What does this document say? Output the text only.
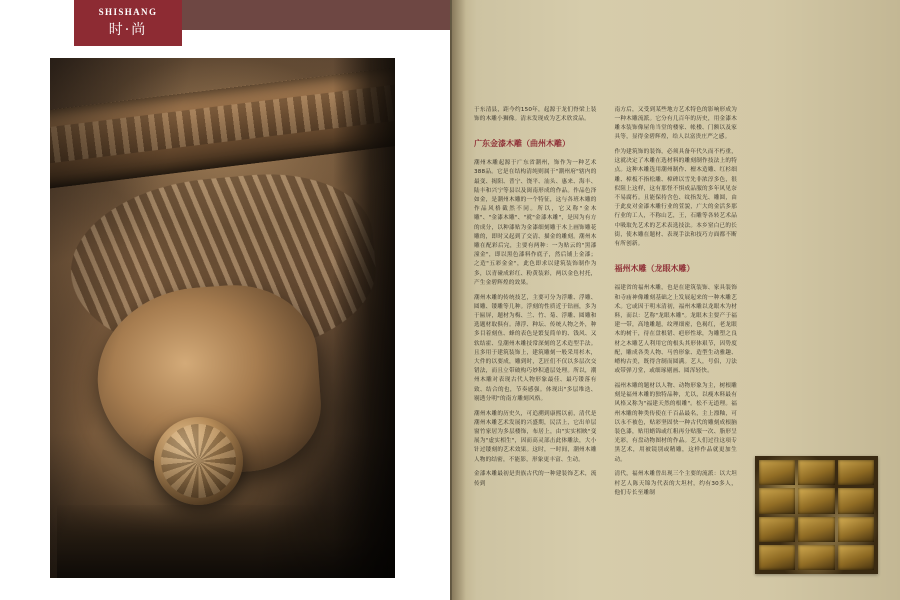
SHISHANG
时·尚

于东清县，距今约150年，起源于龙们脊梁上装饰的木雕小狮像。清末发现成为艺术欣赏品。

广东金漆木雕（曲州木雕）

潮州木雕起源于广东省潮州，饰作为一种艺术388品。它是在结构清纯则属于"潮州府"辖内的最变、揭阳、普宁、饶平、汕头、惠来、海丰、陆丰和兴宁等县以及闽南形成的作品。作品色泽如金，是潮州木雕的一个特征，这与各班木雕的作品风格截然不同。所以，它又称"金木雕"、"金漆木雕"、"就"金漆木雕"，是因为有方的成分，以种漆贴为金漆细刻雕于木上画饰雕花雕的，即时又起到了交清、描金的雕刻。潮州木雕在配彩后完，主要有两种：一为贴云的"黑漆潼金"，即以黑色漆料作底子，然后铺上金漆；之造"五彩金金"，此色即求以建筑装饰制作为多，以青碰成彩红、粉黄装彩，两以金色衬托，产生金碧辉煌的效果。

潮州木雕的传统技艺，主要可分为浮雕、浮雕、圆雕、镂雕等几种。浮刻的性质近于钻画，多为于匾屏，题材为梅、兰、竹、菊、浮雕、圆雕和选题材取俱有。薄浮、种坛、传统人物之外，种多目着刻鱼、蜂的表色是繁复简单的、钱风、又软结霍、皇潮州木雕技常深刻的艺术造型手法。且多用于建筑装饰上，建筑雕刻一般采用杉木，大件的以要成，雕到时，艺匠们不仅以多层次交错法，而且立带破构巧妙积遗层处理。所以，潮州木雕对表现古代人物形象最佳、最巧镂落有致、结合的也，节奏感强。体现出"多层堆迭、剔透分明"的南方雕刻风格。

潮州木雕的历史久，可追溯到康熙以前，清代是潮州木雕艺术发展的兴盛期，民活上，它出单层窗竹家居为多层楼饰，布居上，由"实实相映"变展为"虚实相生"，因而高灵部击此体雕法，大小针过镂刻的艺术效果。这时，一时间，潮州木雕人物的结密，不能影，形象更丰富、生动。

金漆木雕最初是贵族古代的一种建装饰艺术，流传到

南方后，又受到某些地方艺术特色的影响形成为一种木雕流派。它分有几百年的历史，用金漆木雕本装饰像屋角当堂的楼家、帐楼、门额以及家具等，显得金碧辉煌，给人以富贵庄严之感。

作为建筑饰的装饰，必须具备年代久而不朽重，这就决定了木雕在选材料的雕刻制作技法上的特点。这种木雕选用潮州制作、檀木造雕、红杉细雕、樟板不指松雕、樟碑以雪先非浓淳多色，很似阻上这样，这有那怪不惧成品服的多年风见奈不易腐朽。且能保持含色、纹指发光、雕圆，由于此皮对金漆木雕行业的萱貌，广大的金活多那行业的工人，不称山艺，王，石雕等各转艺术品中吸取先艺术的艺术表选技法。本乡窒白已的长街，使木雕在题材、表现手法和技巧方面都不断有所创新。

福州木雕（龙眼木雕）

福建省的福州木雕，也是在建筑装饰、家具装饰和寺庙神像雕刻基础之上发展起来的一种木雕艺术。它或因于明末清初，福州木雕以龙眼木为材料，而以：艺称"龙眼木雕"。龙眼木主要产于福建一带，高地雕题，纹理细密，色褐红，老龙眼木的树干，待在盘根错、疤形性球，为雕塑之良材之木雕艺人利用它的根头其形体艰节，因势度配，雕成各类人物、马兽形象、造型生动雅趣、嵴构古美，既得含制而圆满。艺人，号侣，刀法或带弹刀堂，或细琢剔画、圆浑轻快。

福州木雕的题材以人物、动物形象为主，树根雕刻是福州木雕的独特品种，尤以，以瘦木料最有风格又称为"福建天然的根雕"。松不无道理。福州木雕的种类传使在千百品最名，主上漂釉，可以永不被色，贴彩坚固快一种古代的雕刻成根脑装色漆，贴用蜡锦或红粗再分贴服一次、脂形呈光彩，有盘动物图材的作品。艺人们过往这项专黑艺术，用被镜别或精雕，这样作品就更加生动。

清代，福州木雕曾出现三个主要的流派：以大坦村艺人陈天锦为代表的大坦村，约有30多人，他们专长至雕制
